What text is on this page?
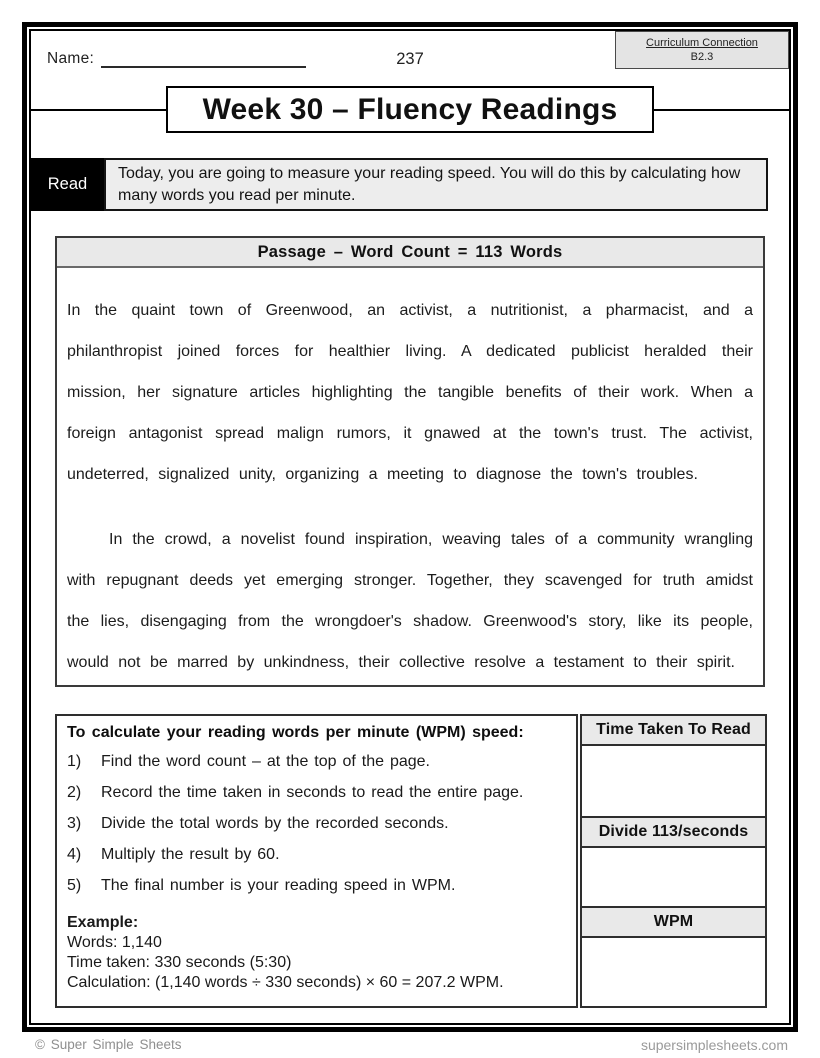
Name:	237
Curriculum Connection
B2.3
Week 30 – Fluency Readings
Read
Today, you are going to measure your reading speed. You will do this by calculating how many words you read per minute.
Passage – Word Count = 113 Words

In the quaint town of Greenwood, an activist, a nutritionist, a pharmacist, and a philanthropist joined forces for healthier living. A dedicated publicist heralded their mission, her signature articles highlighting the tangible benefits of their work. When a foreign antagonist spread malign rumors, it gnawed at the town's trust. The activist, undeterred, signalized unity, organizing a meeting to diagnose the town's troubles.

In the crowd, a novelist found inspiration, weaving tales of a community wrangling with repugnant deeds yet emerging stronger. Together, they scavenged for truth amidst the lies, disengaging from the wrongdoer's shadow. Greenwood's story, like its people, would not be marred by unkindness, their collective resolve a testament to their spirit.

To calculate your reading words per minute (WPM) speed:
1)	Find the word count – at the top of the page.
2)	Record the time taken in seconds to read the entire page.
3)	Divide the total words by the recorded seconds.
4)	Multiply the result by 60.
5)	The final number is your reading speed in WPM.
Example:
Words: 1,140
Time taken: 330 seconds (5:30)
Calculation: (1,140 words ÷ 330 seconds) × 60 = 207.2 WPM.
Time Taken To Read
Divide 113/seconds
WPM
© Super Simple Sheets	supersimplesheets.com
